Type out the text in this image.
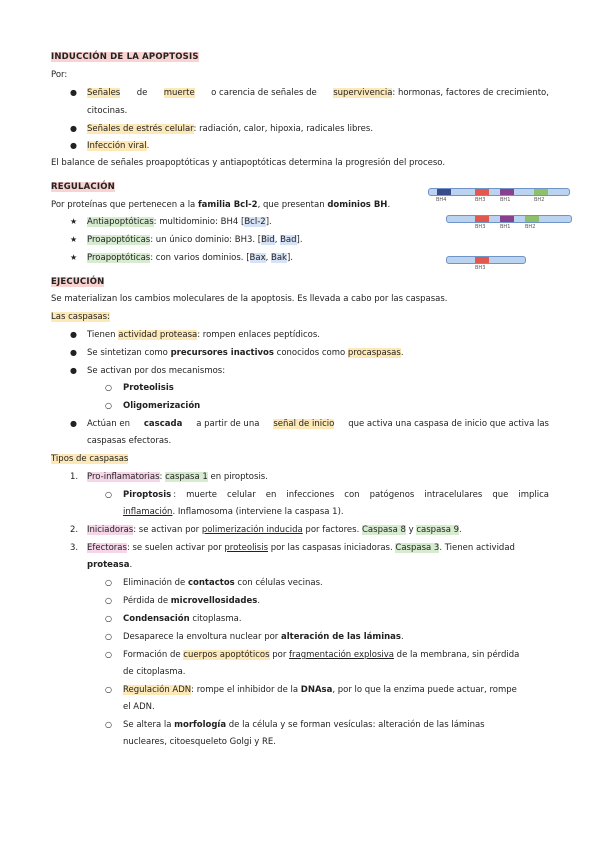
INDUCCIÓN DE LA APOPTOSIS
Por:
● Señales de muerte o carencia de señales de supervivencia: hormonas, factores de crecimiento,
citocinas.
● Señales de estrés celular: radiación, calor, hipoxia, radicales libres.
● Infección viral.
El balance de señales proapoptóticas y antiapoptóticas determina la progresión del proceso.
REGULACIÓN
Por proteínas que pertenecen a la familia Bcl-2, que presentan dominios BH.
★ Antiapoptóticas: multidominio: BH4 [Bcl-2].
★ Proapoptóticas: un único dominio: BH3. [Bid, Bad].
★ Proapoptóticas: con varios dominios. [Bax, Bak].
BH4	BH3	BH1	BH2
BH3	BH1	BH2
BH3
EJECUCIÓN
Se materializan los cambios moleculares de la apoptosis. Es llevada a cabo por las caspasas.
Las caspasas:
● Tienen actividad proteasa: rompen enlaces peptídicos.
● Se sintetizan como precursores inactivos conocidos como procaspasas.
● Se activan por dos mecanismos:
○ Proteolisis
○ Oligomerización
● Actúan en cascada a partir de una señal de inicio que activa una caspasa de inicio que activa las
caspasas efectoras.
Tipos de caspasas
1. Pro-inflamatorias: caspasa 1 en piroptosis.
○ Piroptosis : muerte celular en infecciones con patógenos intracelulares que implica
inflamación. Inflamosoma (interviene la caspasa 1).
2. Iniciadoras: se activan por polimerización inducida por factores. Caspasa 8 y caspasa 9.
3. Efectoras: se suelen activar por proteolisis por las caspasas iniciadoras. Caspasa 3. Tienen actividad
proteasa.
○ Eliminación de contactos con células vecinas.
○ Pérdida de microvellosidades.
○ Condensación citoplasma.
○ Desaparece la envoltura nuclear por alteración de las láminas.
○ Formación de cuerpos apoptóticos por fragmentación explosiva de la membrana, sin pérdida
de citoplasma.
○ Regulación ADN: rompe el inhibidor de la DNAsa, por lo que la enzima puede actuar, rompe
el ADN.
○ Se altera la morfología de la célula y se forman vesículas: alteración de las láminas
nucleares, citoesqueleto Golgi y RE.
